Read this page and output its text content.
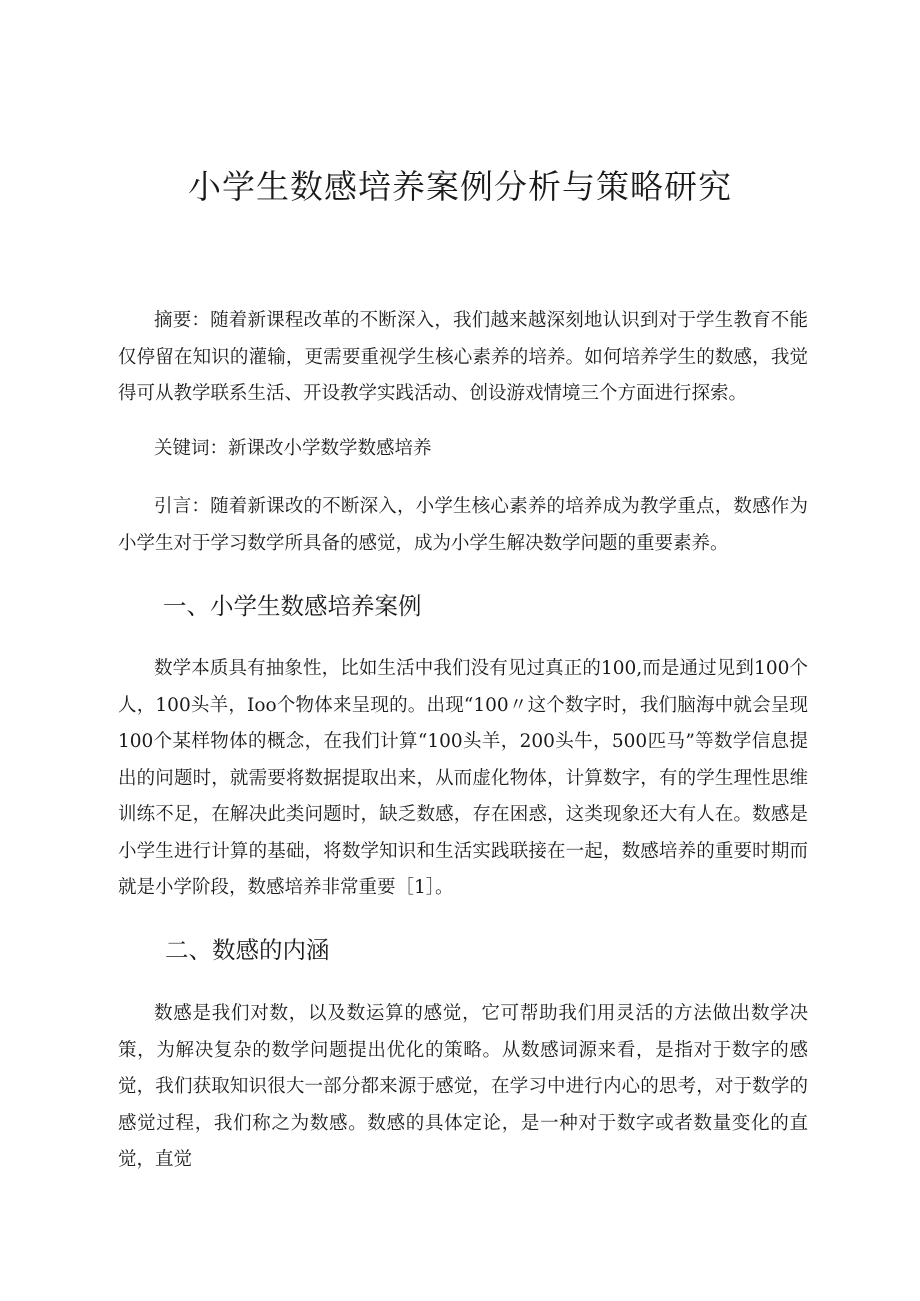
小学生数感培养案例分析与策略研究

摘要：随着新课程改革的不断深入，我们越来越深刻地认识到对于学生教育不能仅停留在知识的灌输，更需要重视学生核心素养的培养。如何培养学生的数感，我觉得可从教学联系生活、开设教学实践活动、创设游戏情境三个方面进行探索。

关键词：新课改小学数学数感培养

引言：随着新课改的不断深入，小学生核心素养的培养成为教学重点，数感作为小学生对于学习数学所具备的感觉，成为小学生解决数学问题的重要素养。

一、小学生数感培养案例

数学本质具有抽象性，比如生活中我们没有见过真正的100,而是通过见到100个人，100头羊，Ioo个物体来呈现的。出现“100〃这个数字时，我们脑海中就会呈现100个某样物体的概念，在我们计算“100头羊，200头牛，500匹马”等数学信息提出的问题时，就需要将数据提取出来，从而虚化物体，计算数字，有的学生理性思维训练不足，在解决此类问题时，缺乏数感，存在困惑，这类现象还大有人在。数感是小学生进行计算的基础，将数学知识和生活实践联接在一起，数感培养的重要时期而就是小学阶段，数感培养非常重要［1］。

二、数感的内涵

数感是我们对数，以及数运算的感觉，它可帮助我们用灵活的方法做出数学决策，为解决复杂的数学问题提出优化的策略。从数感词源来看，是指对于数字的感觉，我们获取知识很大一部分都来源于感觉，在学习中进行内心的思考，对于数学的感觉过程，我们称之为数感。数感的具体定论，是一种对于数字或者数量变化的直觉，直觉
